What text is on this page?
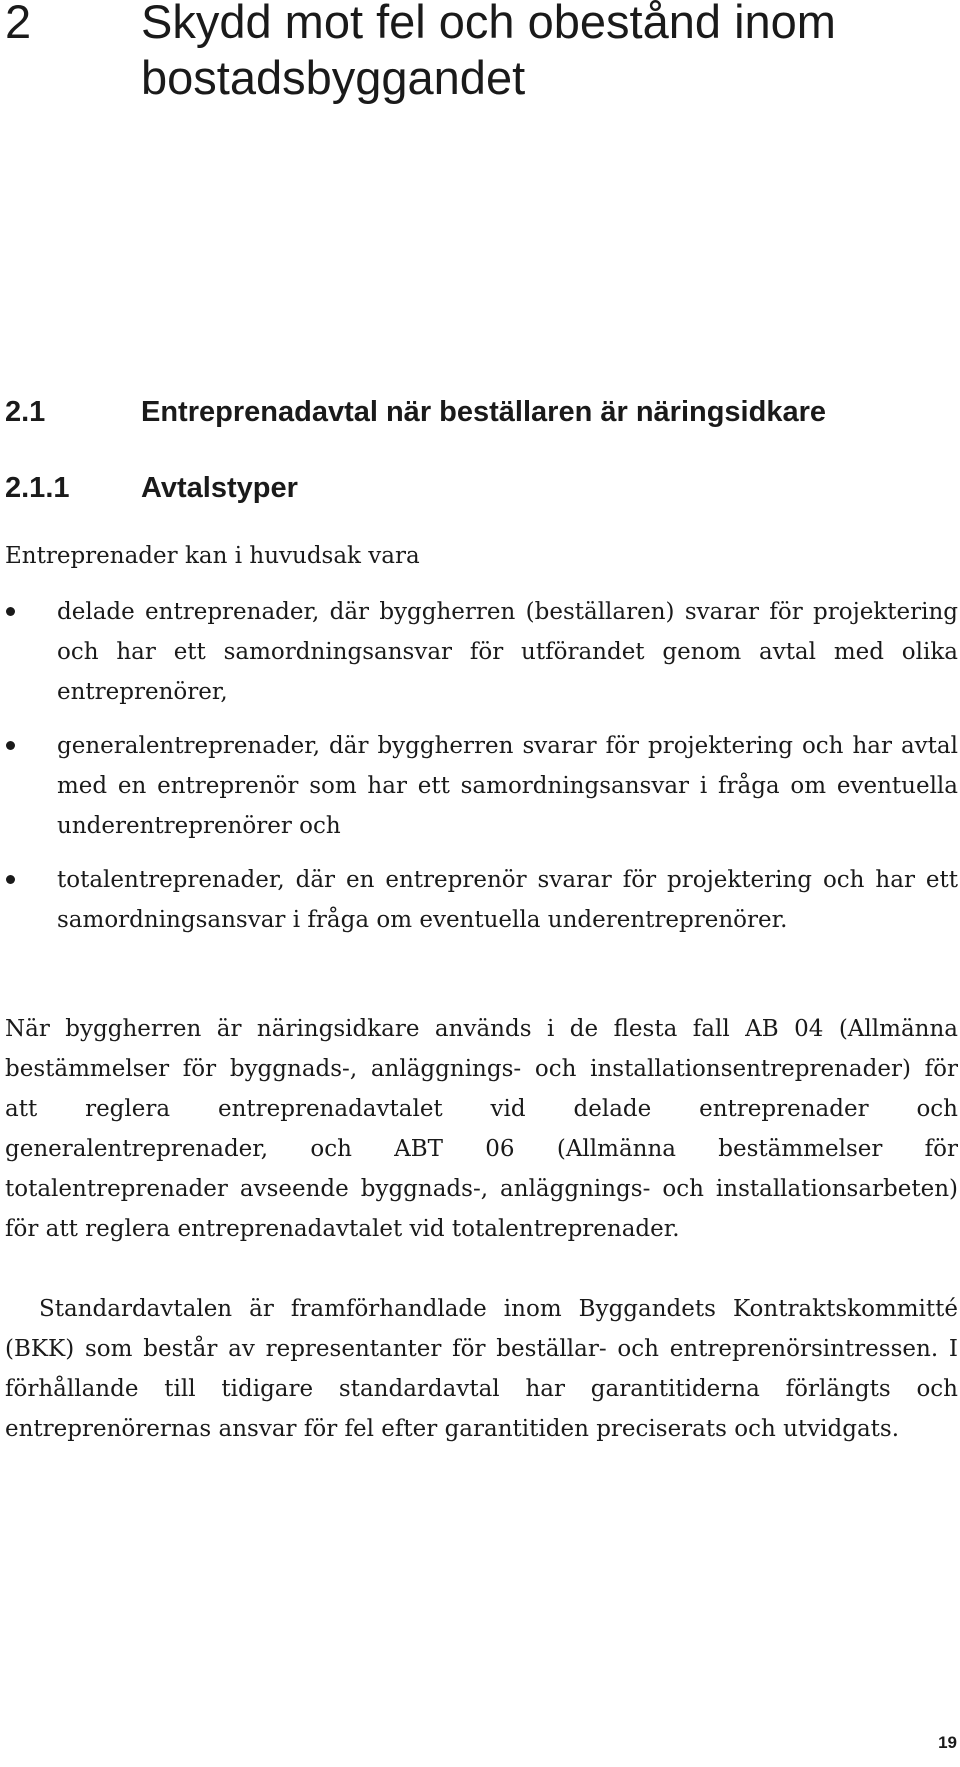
2 Skydd mot fel och obestånd inom bostadsbyggandet
2.1	Entreprenadavtal när beställaren är näringsidkare
2.1.1 Avtalstyper
Entreprenader kan i huvudsak vara
delade entreprenader, där byggherren (beställaren) svarar för projektering och har ett samordningsansvar för utförandet genom avtal med olika entreprenörer,
generalentreprenader, där byggherren svarar för projektering och har avtal med en entreprenör som har ett samordningsansvar i fråga om eventuella underentreprenörer och
totalentreprenader, där en entreprenör svarar för projektering och har ett samordningsansvar i fråga om eventuella underentreprenörer.

När byggherren är näringsidkare används i de flesta fall AB 04 (Allmänna bestämmelser för byggnads-, anläggnings- och installationsentreprenader) för att reglera entreprenadavtalet vid delade entreprenader och generalentreprenader, och ABT 06 (Allmänna bestämmelser för totalentreprenader avseende byggnads-, anläggnings- och installationsarbeten) för att reglera entreprenadavtalet vid totalentreprenader.

Standardavtalen är framförhandlade inom Byggandets Kontraktskommitté (BKK) som består av representanter för beställar- och entreprenörsintressen. I förhållande till tidigare standardavtal har garantitiderna förlängts och entreprenörernas ansvar för fel efter garantitiden preciserats och utvidgats.

19
